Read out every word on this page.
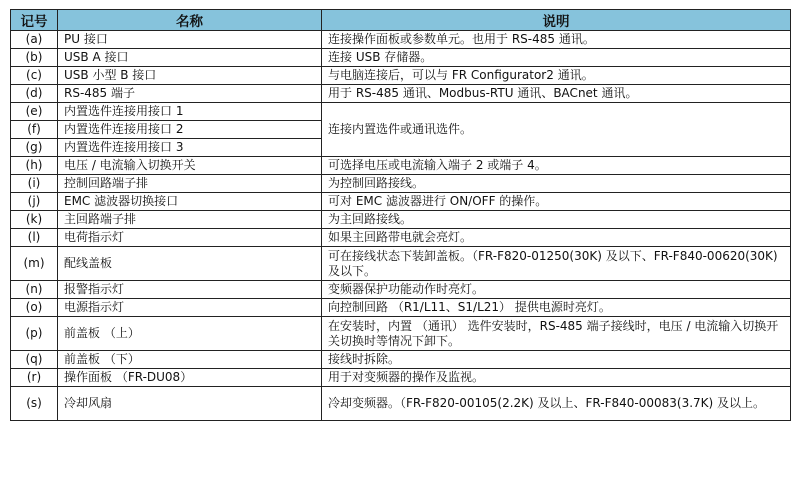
记号	名称	说明
(a)	PU 接口	连接操作面板或参数单元。也用于 RS-485 通讯。
(b)	USB A 接口	连接 USB 存储器。
(c)	USB 小型 B 接口	与电脑连接后，可以与 FR Configurator2 通讯。
(d)	RS-485 端子	用于 RS-485 通讯、Modbus-RTU 通讯、BACnet 通讯。
(e)	内置选件连接用接口 1	连接内置选件或通讯选件。
(f)	内置选件连接用接口 2	
(g)	内置选件连接用接口 3	
(h)	电压 / 电流输入切换开关	可选择电压或电流输入端子 2 或端子 4。
(i)	控制回路端子排	为控制回路接线。
(j)	EMC 滤波器切换接口	可对 EMC 滤波器进行 ON/OFF 的操作。
(k)	主回路端子排	为主回路接线。
(l)	电荷指示灯	如果主回路带电就会亮灯。
(m)	配线盖板	可在接线状态下装卸盖板。（FR-F820-01250(30K) 及以下、FR-F840-00620(30K) 及以下。
(n)	报警指示灯	变频器保护功能动作时亮灯。
(o)	电源指示灯	向控制回路 （R1/L11、S1/L21） 提供电源时亮灯。
(p)	前盖板 （上）	在安装时，内置 （通讯） 选件安装时，RS-485 端子接线时，电压 / 电流输入切换开关切换时等情况下卸下。
(q)	前盖板 （下）	接线时拆除。
(r)	操作面板 （FR-DU08）	用于对变频器的操作及监视。
(s)	冷却风扇	冷却变频器。（FR-F820-00105(2.2K) 及以上、FR-F840-00083(3.7K) 及以上。
